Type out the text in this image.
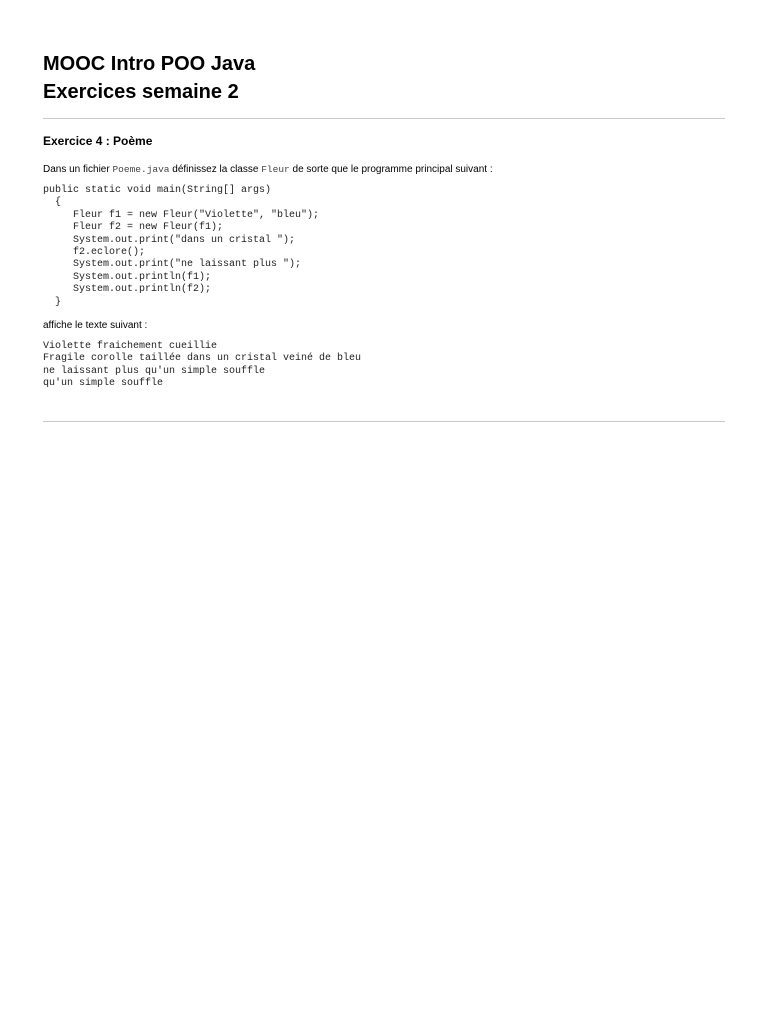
MOOC Intro POO Java
Exercices semaine 2
Exercice 4 : Poème

Dans un fichier Poeme.java définissez la classe Fleur de sorte que le programme principal suivant :

public static void main(String[] args)
{
Fleur f1 = new Fleur("Violette", "bleu");
Fleur f2 = new Fleur(f1);
System.out.print("dans un cristal ");
f2.eclore();
System.out.print("ne laissant plus ");
System.out.println(f1);
System.out.println(f2);
}

affiche le texte suivant :

Violette fraichement cueillie
Fragile corolle taillée dans un cristal veiné de bleu
ne laissant plus qu'un simple souffle
qu'un simple souffle
